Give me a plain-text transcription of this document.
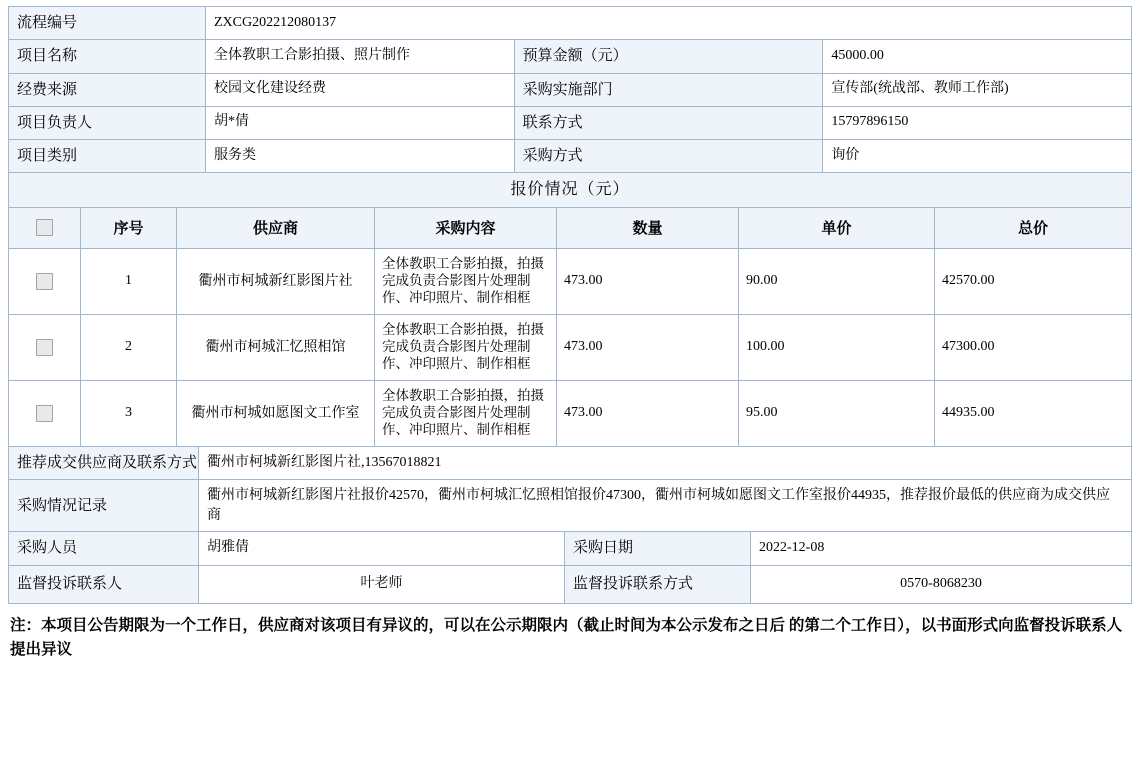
流程编号	ZXCG202212080137		
项目名称	全体教职工合影拍摄、照片制作	预算金额（元）	45000.00
经费来源	校园文化建设经费	采购实施部门	宣传部(统战部、教师工作部)
项目负责人	胡*倩	联系方式	15797896150
项目类别	服务类	采购方式	询价
报价情况（元）			
	序号	供应商	采购内容	数量	单价	总价
	1	衢州市柯城新红影图片社	全体教职工合影拍摄，拍摄完成负责合影图片处理制作、冲印照片、制作相框	473.00	90.00	42570.00
	2	衢州市柯城汇忆照相馆	全体教职工合影拍摄，拍摄完成负责合影图片处理制作、冲印照片、制作相框	473.00	100.00	47300.00
	3	衢州市柯城如愿图文工作室	全体教职工合影拍摄，拍摄完成负责合影图片处理制作、冲印照片、制作相框	473.00	95.00	44935.00
推荐成交供应商及联系方式	衢州市柯城新红影图片社,13567018821		
采购情况记录	衢州市柯城新红影图片社报价42570，衢州市柯城汇忆照相馆报价47300，衢州市柯城如愿图文工作室报价44935，推荐报价最低的供应商为成交供应商		
采购人员	胡雅倩	采购日期	2022-12-08
监督投诉联系人	叶老师	监督投诉联系方式	0570-8068230
注：本项目公告期限为一个工作日，供应商对该项目有异议的，可以在公示期限内（截止时间为本公示发布之日后 的第二个工作日），以书面形式向监督投诉联系人提出异议
